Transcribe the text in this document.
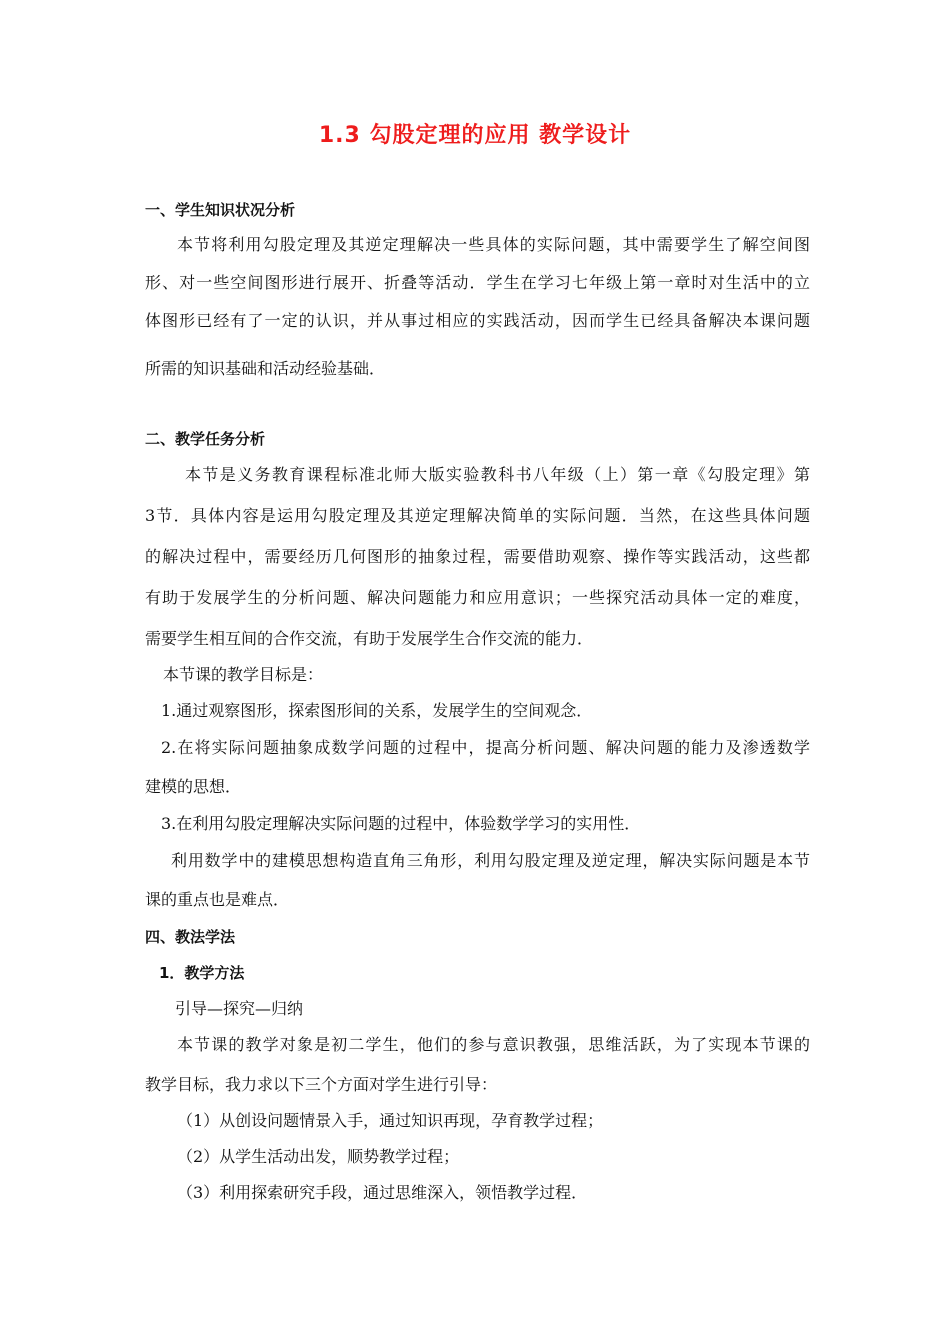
1.3 勾股定理的应用 教学设计
一、学生知识状况分析
本节将利用勾股定理及其逆定理解决一些具体的实际问题，其中需要学生了解空间图
形、对一些空间图形进行展开、折叠等活动．学生在学习七年级上第一章时对生活中的立
体图形已经有了一定的认识，并从事过相应的实践活动，因而学生已经具备解决本课问题
所需的知识基础和活动经验基础．
二、教学任务分析
本节是义务教育课程标准北师大版实验教科书八年级（上）第一章《勾股定理》第
3节．具体内容是运用勾股定理及其逆定理解决简单的实际问题．当然，在这些具体问题
的解决过程中，需要经历几何图形的抽象过程，需要借助观察、操作等实践活动，这些都
有助于发展学生的分析问题、解决问题能力和应用意识；一些探究活动具体一定的难度，
需要学生相互间的合作交流，有助于发展学生合作交流的能力．
本节课的教学目标是：
1.通过观察图形，探索图形间的关系，发展学生的空间观念．
2.在将实际问题抽象成数学问题的过程中，提高分析问题、解决问题的能力及渗透数学
建模的思想．
3.在利用勾股定理解决实际问题的过程中，体验数学学习的实用性．
利用数学中的建模思想构造直角三角形，利用勾股定理及逆定理，解决实际问题是本节
课的重点也是难点．
四、教法学法
1．教学方法
引导—探究—归纳
本节课的教学对象是初二学生，他们的参与意识教强，思维活跃，为了实现本节课的
教学目标，我力求以下三个方面对学生进行引导：
（1）从创设问题情景入手，通过知识再现，孕育教学过程；
（2）从学生活动出发，顺势教学过程；
（3）利用探索研究手段，通过思维深入，领悟教学过程．
